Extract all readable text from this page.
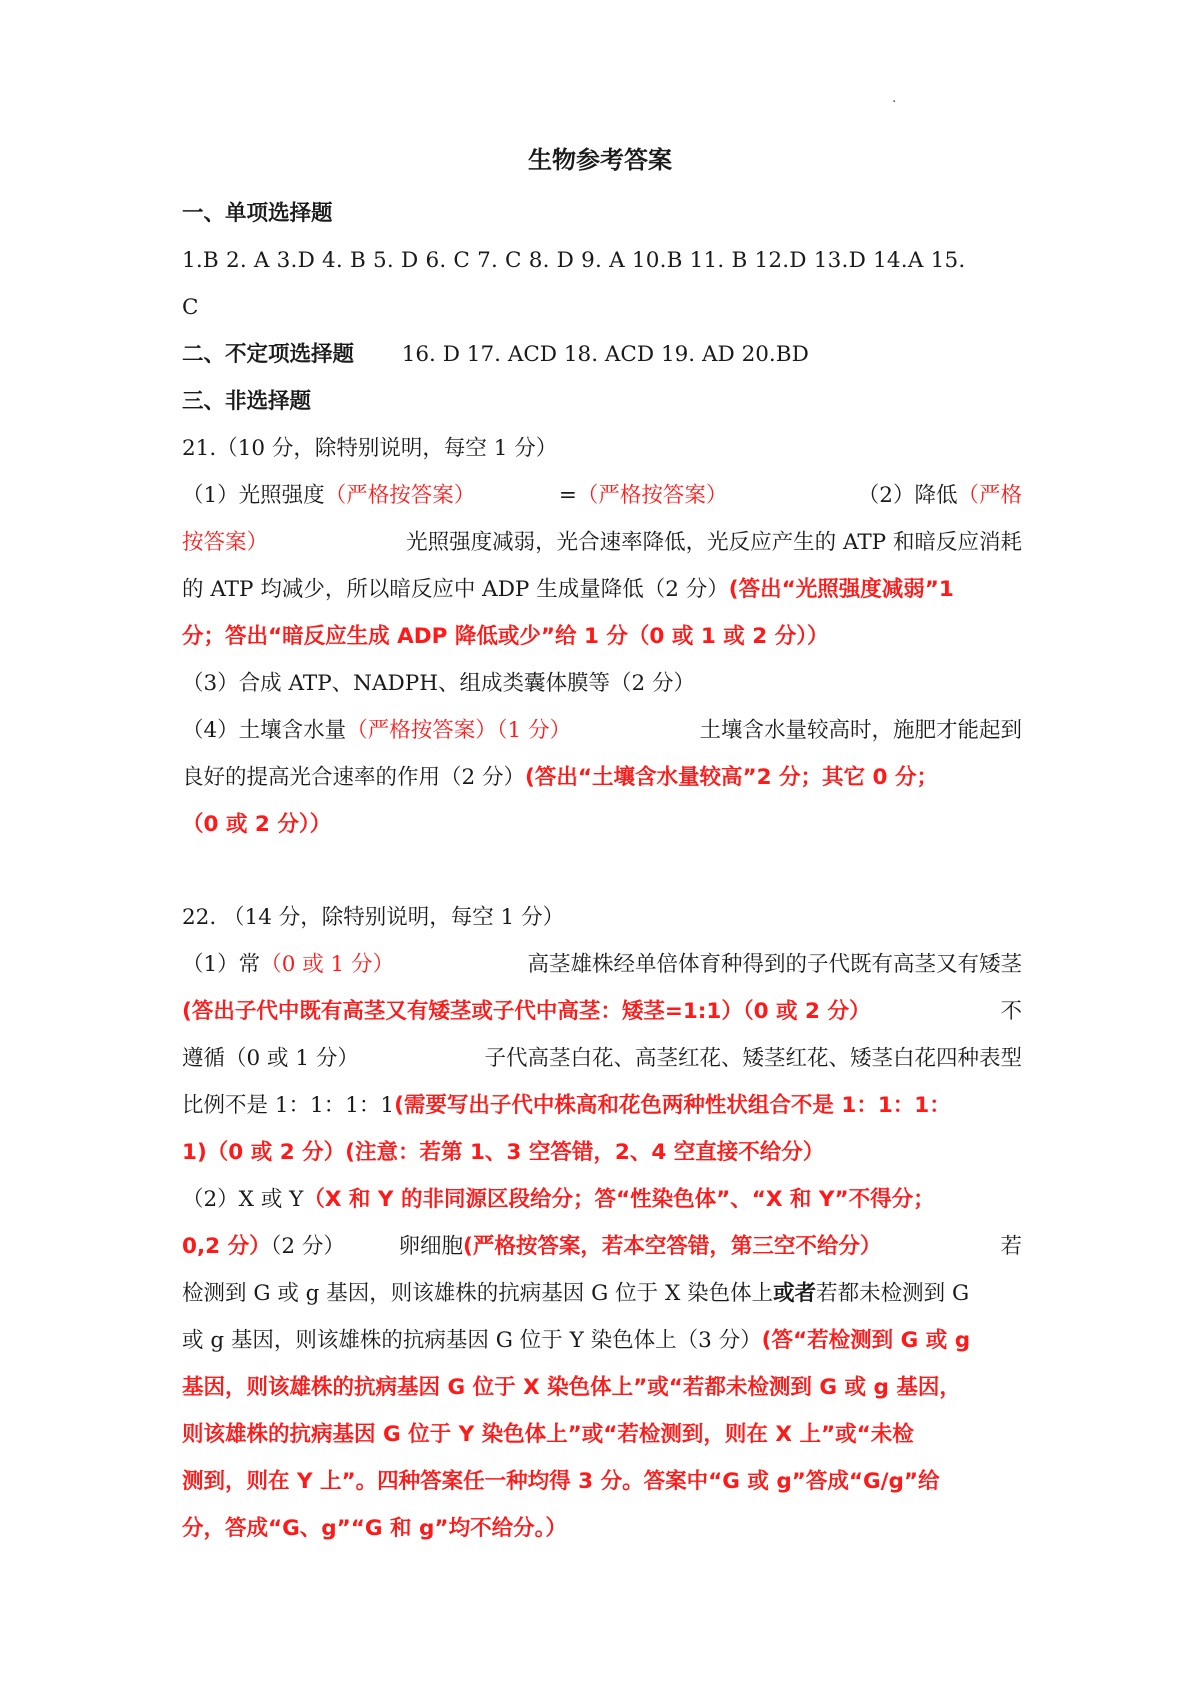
·
生物参考答案
一、单项选择题
1.B 2. A 3.D 4. B 5. D 6. C 7. C 8. D 9. A 10.B 11. B 12.D 13.D 14.A 15.
C
二、不定项选择题 16. D 17. ACD 18. ACD 19. AD 20.BD
三、非选择题
21.（10 分，除特别说明，每空 1 分）
（1）光照强度（严格按答案）	=（严格按答案）	（2）降低（严格
按答案）	光照强度减弱，光合速率降低，光反应产生的 ATP 和暗反应消耗
的 ATP 均减少，所以暗反应中 ADP 生成量降低（2 分）(答出“光照强度减弱”1
分；答出“暗反应生成 ADP 降低或少”给 1 分（0 或 1 或 2 分））
（3）合成 ATP、NADPH、组成类囊体膜等（2 分）
（4）土壤含水量（严格按答案）（1 分）	土壤含水量较高时，施肥才能起到
良好的提高光合速率的作用（2 分）(答出“土壤含水量较高”2 分；其它 0 分；
（0 或 2 分））
22. （14 分，除特别说明，每空 1 分）
（1）常（0 或 1 分）	高茎雄株经单倍体育种得到的子代既有高茎又有矮茎
(答出子代中既有高茎又有矮茎或子代中高茎：矮茎=1:1）（0 或 2 分）	不
遵循（0 或 1 分）	子代高茎白花、高茎红花、矮茎红花、矮茎白花四种表型
比例不是 1：1：1：1(需要写出子代中株高和花色两种性状组合不是 1：1：1：
1)（0 或 2 分）(注意：若第 1、3 空答错，2、4 空直接不给分）
（2）X 或 Y（X 和 Y 的非同源区段给分；答“性染色体”、“X 和 Y”不得分；
0,2 分）（2 分） 卵细胞(严格按答案，若本空答错，第三空不给分）	若
检测到 G 或 g 基因，则该雄株的抗病基因 G 位于 X 染色体上或者若都未检测到 G
或 g 基因，则该雄株的抗病基因 G 位于 Y 染色体上（3 分）(答“若检测到 G 或 g
基因，则该雄株的抗病基因 G 位于 X 染色体上”或“若都未检测到 G 或 g 基因，
则该雄株的抗病基因 G 位于 Y 染色体上”或“若检测到，则在 X 上”或“未检
测到，则在 Y 上”。四种答案任一种均得 3 分。答案中“G 或 g”答成“G/g”给
分，答成“G、g”“G 和 g”均不给分。）
